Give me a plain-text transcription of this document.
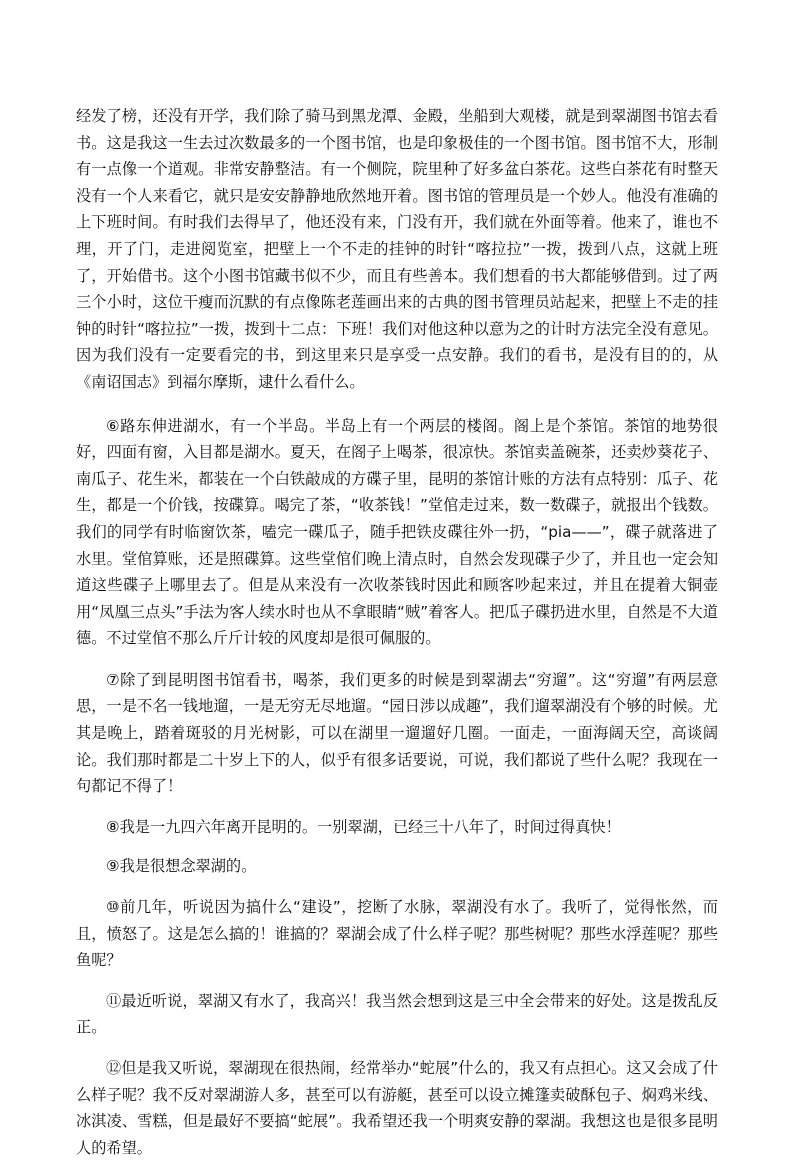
经发了榜，还没有开学，我们除了骑马到黑龙潭、金殿，坐船到大观楼，就是到翠湖图书馆去看书。这是我这一生去过次数最多的一个图书馆，也是印象极佳的一个图书馆。图书馆不大，形制有一点像一个道观。非常安静整洁。有一个侧院，院里种了好多盆白茶花。这些白茶花有时整天没有一个人来看它，就只是安安静静地欣然地开着。图书馆的管理员是一个妙人。他没有准确的上下班时间。有时我们去得早了，他还没有来，门没有开，我们就在外面等着。他来了，谁也不理，开了门，走进阅览室，把壁上一个不走的挂钟的时针“喀拉拉”一拨，拨到八点，这就上班了，开始借书。这个小图书馆藏书似不少，而且有些善本。我们想看的书大都能够借到。过了两三个小时，这位干瘦而沉默的有点像陈老莲画出来的古典的图书管理员站起来，把壁上不走的挂钟的时针“喀拉拉”一拨，拨到十二点：下班！我们对他这种以意为之的计时方法完全没有意见。因为我们没有一定要看完的书，到这里来只是享受一点安静。我们的看书，是没有目的的，从《南诏国志》到福尔摩斯，逮什么看什么。

⑥路东伸进湖水，有一个半岛。半岛上有一个两层的楼阁。阁上是个茶馆。茶馆的地势很好，四面有窗，入目都是湖水。夏天，在阁子上喝茶，很凉快。茶馆卖盖碗茶，还卖炒葵花子、南瓜子、花生米，都装在一个白铁敲成的方碟子里，昆明的茶馆计账的方法有点特别：瓜子、花生，都是一个价钱，按碟算。喝完了茶，“收茶钱！”堂倌走过来，数一数碟子，就报出个钱数。我们的同学有时临窗饮茶，嗑完一碟瓜子，随手把铁皮碟往外一扔，“pia——”，碟子就落进了水里。堂倌算账，还是照碟算。这些堂倌们晚上清点时，自然会发现碟子少了，并且也一定会知道这些碟子上哪里去了。但是从来没有一次收茶钱时因此和顾客吵起来过，并且在提着大铜壶用“凤凰三点头”手法为客人续水时也从不拿眼睛“贼”着客人。把瓜子碟扔进水里，自然是不大道德。不过堂倌不那么斤斤计较的风度却是很可佩服的。

⑦除了到昆明图书馆看书，喝茶，我们更多的时候是到翠湖去“穷遛”。这“穷遛”有两层意思，一是不名一钱地遛，一是无穷无尽地遛。“园日涉以成趣”，我们遛翠湖没有个够的时候。尤其是晚上，踏着斑驳的月光树影，可以在湖里一遛遛好几圈。一面走，一面海阔天空，高谈阔论。我们那时都是二十岁上下的人，似乎有很多话要说，可说，我们都说了些什么呢？我现在一句都记不得了！

⑧我是一九四六年离开昆明的。一别翠湖，已经三十八年了，时间过得真快！

⑨我是很想念翠湖的。

⑩前几年，听说因为搞什么“建设”，挖断了水脉，翠湖没有水了。我听了，觉得怅然，而且，愤怒了。这是怎么搞的！谁搞的？翠湖会成了什么样子呢？那些树呢？那些水浮莲呢？那些鱼呢？

⑪最近听说，翠湖又有水了，我高兴！我当然会想到这是三中全会带来的好处。这是拨乱反正。

⑫但是我又听说，翠湖现在很热闹，经常举办“蛇展”什么的，我又有点担心。这又会成了什么样子呢？我不反对翠湖游人多，甚至可以有游艇，甚至可以设立摊篷卖破酥包子、焖鸡米线、冰淇凌、雪糕，但是最好不要搞“蛇展”。我希望还我一个明爽安静的翠湖。我想这也是很多昆明人的希望。
